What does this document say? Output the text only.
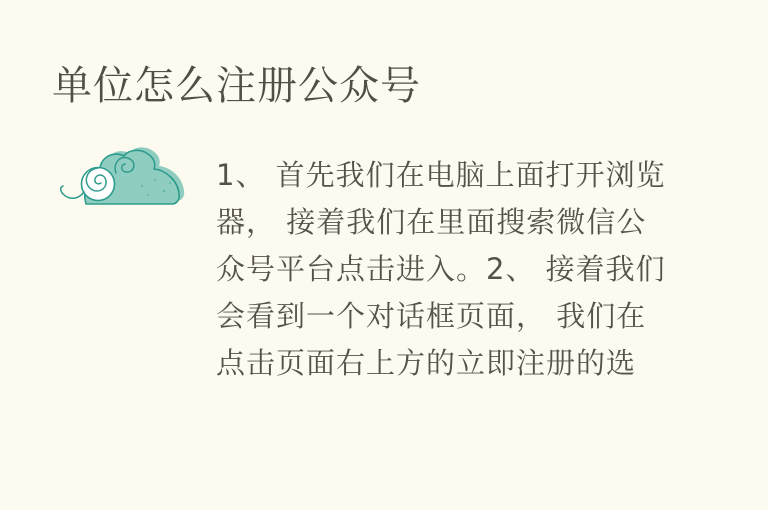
单位怎么注册公众号
1、 首先我们在电脑上面打开浏览
器， 接着我们在里面搜索微信公
众号平台点击进入。2、 接着我们
会看到一个对话框页面， 我们在
点击页面右上方的立即注册的选
